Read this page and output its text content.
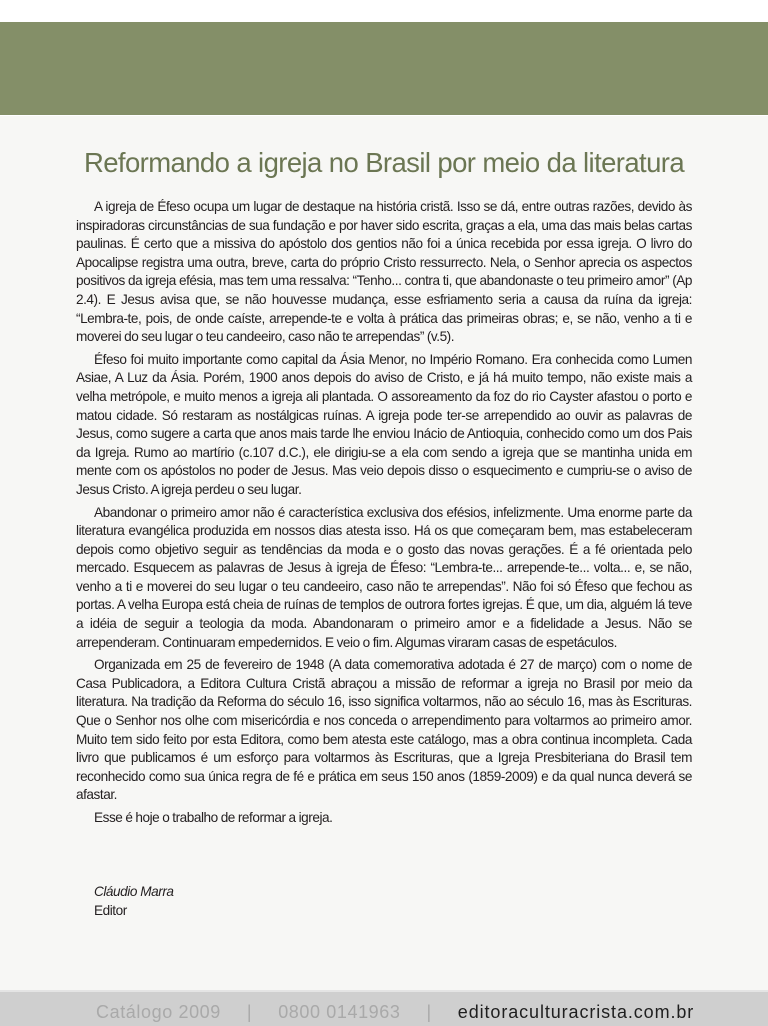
Reformando a igreja no Brasil por meio da literatura

A igreja de Éfeso ocupa um lugar de destaque na história cristã. Isso se dá, entre outras razões, devido às inspiradoras circunstâncias de sua fundação e por haver sido escrita, graças a ela, uma das mais belas cartas paulinas. É certo que a missiva do apóstolo dos gentios não foi a única recebida por essa igreja. O livro do Apocalipse registra uma outra, breve, carta do próprio Cristo ressurrecto. Nela, o Senhor aprecia os aspectos positivos da igreja efésia, mas tem uma ressalva: “Tenho... contra ti, que abandonaste o teu primeiro amor” (Ap 2.4). E Jesus avisa que, se não houvesse mudança, esse esfriamento seria a causa da ruína da igreja: “Lembra-te, pois, de onde caíste, arrepende-te e volta à prática das primeiras obras; e, se não, venho a ti e moverei do seu lugar o teu candeeiro, caso não te arrependas” (v.5).

Éfeso foi muito importante como capital da Ásia Menor, no Império Romano. Era conhecida como Lumen Asiae, A Luz da Ásia. Porém, 1900 anos depois do aviso de Cristo, e já há muito tempo, não existe mais a velha metrópole, e muito menos a igreja ali plantada. O assoreamento da foz do rio Cayster afastou o porto e matou cidade. Só restaram as nostálgicas ruínas. A igreja pode ter-se arrependido ao ouvir as palavras de Jesus, como sugere a carta que anos mais tarde lhe enviou Inácio de Antioquia, conhecido como um dos Pais da Igreja. Rumo ao martírio (c.107 d.C.), ele dirigiu-se a ela com sendo a igreja que se mantinha unida em mente com os apóstolos no poder de Jesus. Mas veio depois disso o esquecimento e cumpriu-se o aviso de Jesus Cristo. A igreja perdeu o seu lugar.

Abandonar o primeiro amor não é característica exclusiva dos efésios, infelizmente. Uma enorme parte da literatura evangélica produzida em nossos dias atesta isso. Há os que começaram bem, mas estabeleceram depois como objetivo seguir as tendências da moda e o gosto das novas gerações. É a fé orientada pelo mercado. Esquecem as palavras de Jesus à igreja de Éfeso: “Lembra-te... arrepende-te... volta... e, se não, venho a ti e moverei do seu lugar o teu candeeiro, caso não te arrependas”. Não foi só Éfeso que fechou as portas. A velha Europa está cheia de ruínas de templos de outrora fortes igrejas. É que, um dia, alguém lá teve a idéia de seguir a teologia da moda. Abandonaram o primeiro amor e a fidelidade a Jesus. Não se arrependeram. Continuaram empedernidos. E veio o fim. Algumas viraram casas de espetáculos.

Organizada em 25 de fevereiro de 1948 (A data comemorativa adotada é 27 de março) com o nome de Casa Publicadora, a Editora Cultura Cristã abraçou a missão de reformar a igreja no Brasil por meio da literatura. Na tradição da Reforma do século 16, isso significa voltarmos, não ao século 16, mas às Escrituras. Que o Senhor nos olhe com misericórdia e nos conceda o arrependimento para voltarmos ao primeiro amor. Muito tem sido feito por esta Editora, como bem atesta este catálogo, mas a obra continua incompleta. Cada livro que publicamos é um esforço para voltarmos às Escrituras, que a Igreja Presbiteriana do Brasil tem reconhecido como sua única regra de fé e prática em seus 150 anos (1859-2009) e da qual nunca deverá se afastar.

Esse é hoje o trabalho de reformar a igreja.

Cláudio Marra
Editor
Catálogo 2009 | 0800 0141963 | editoraculturacrista.com.br
